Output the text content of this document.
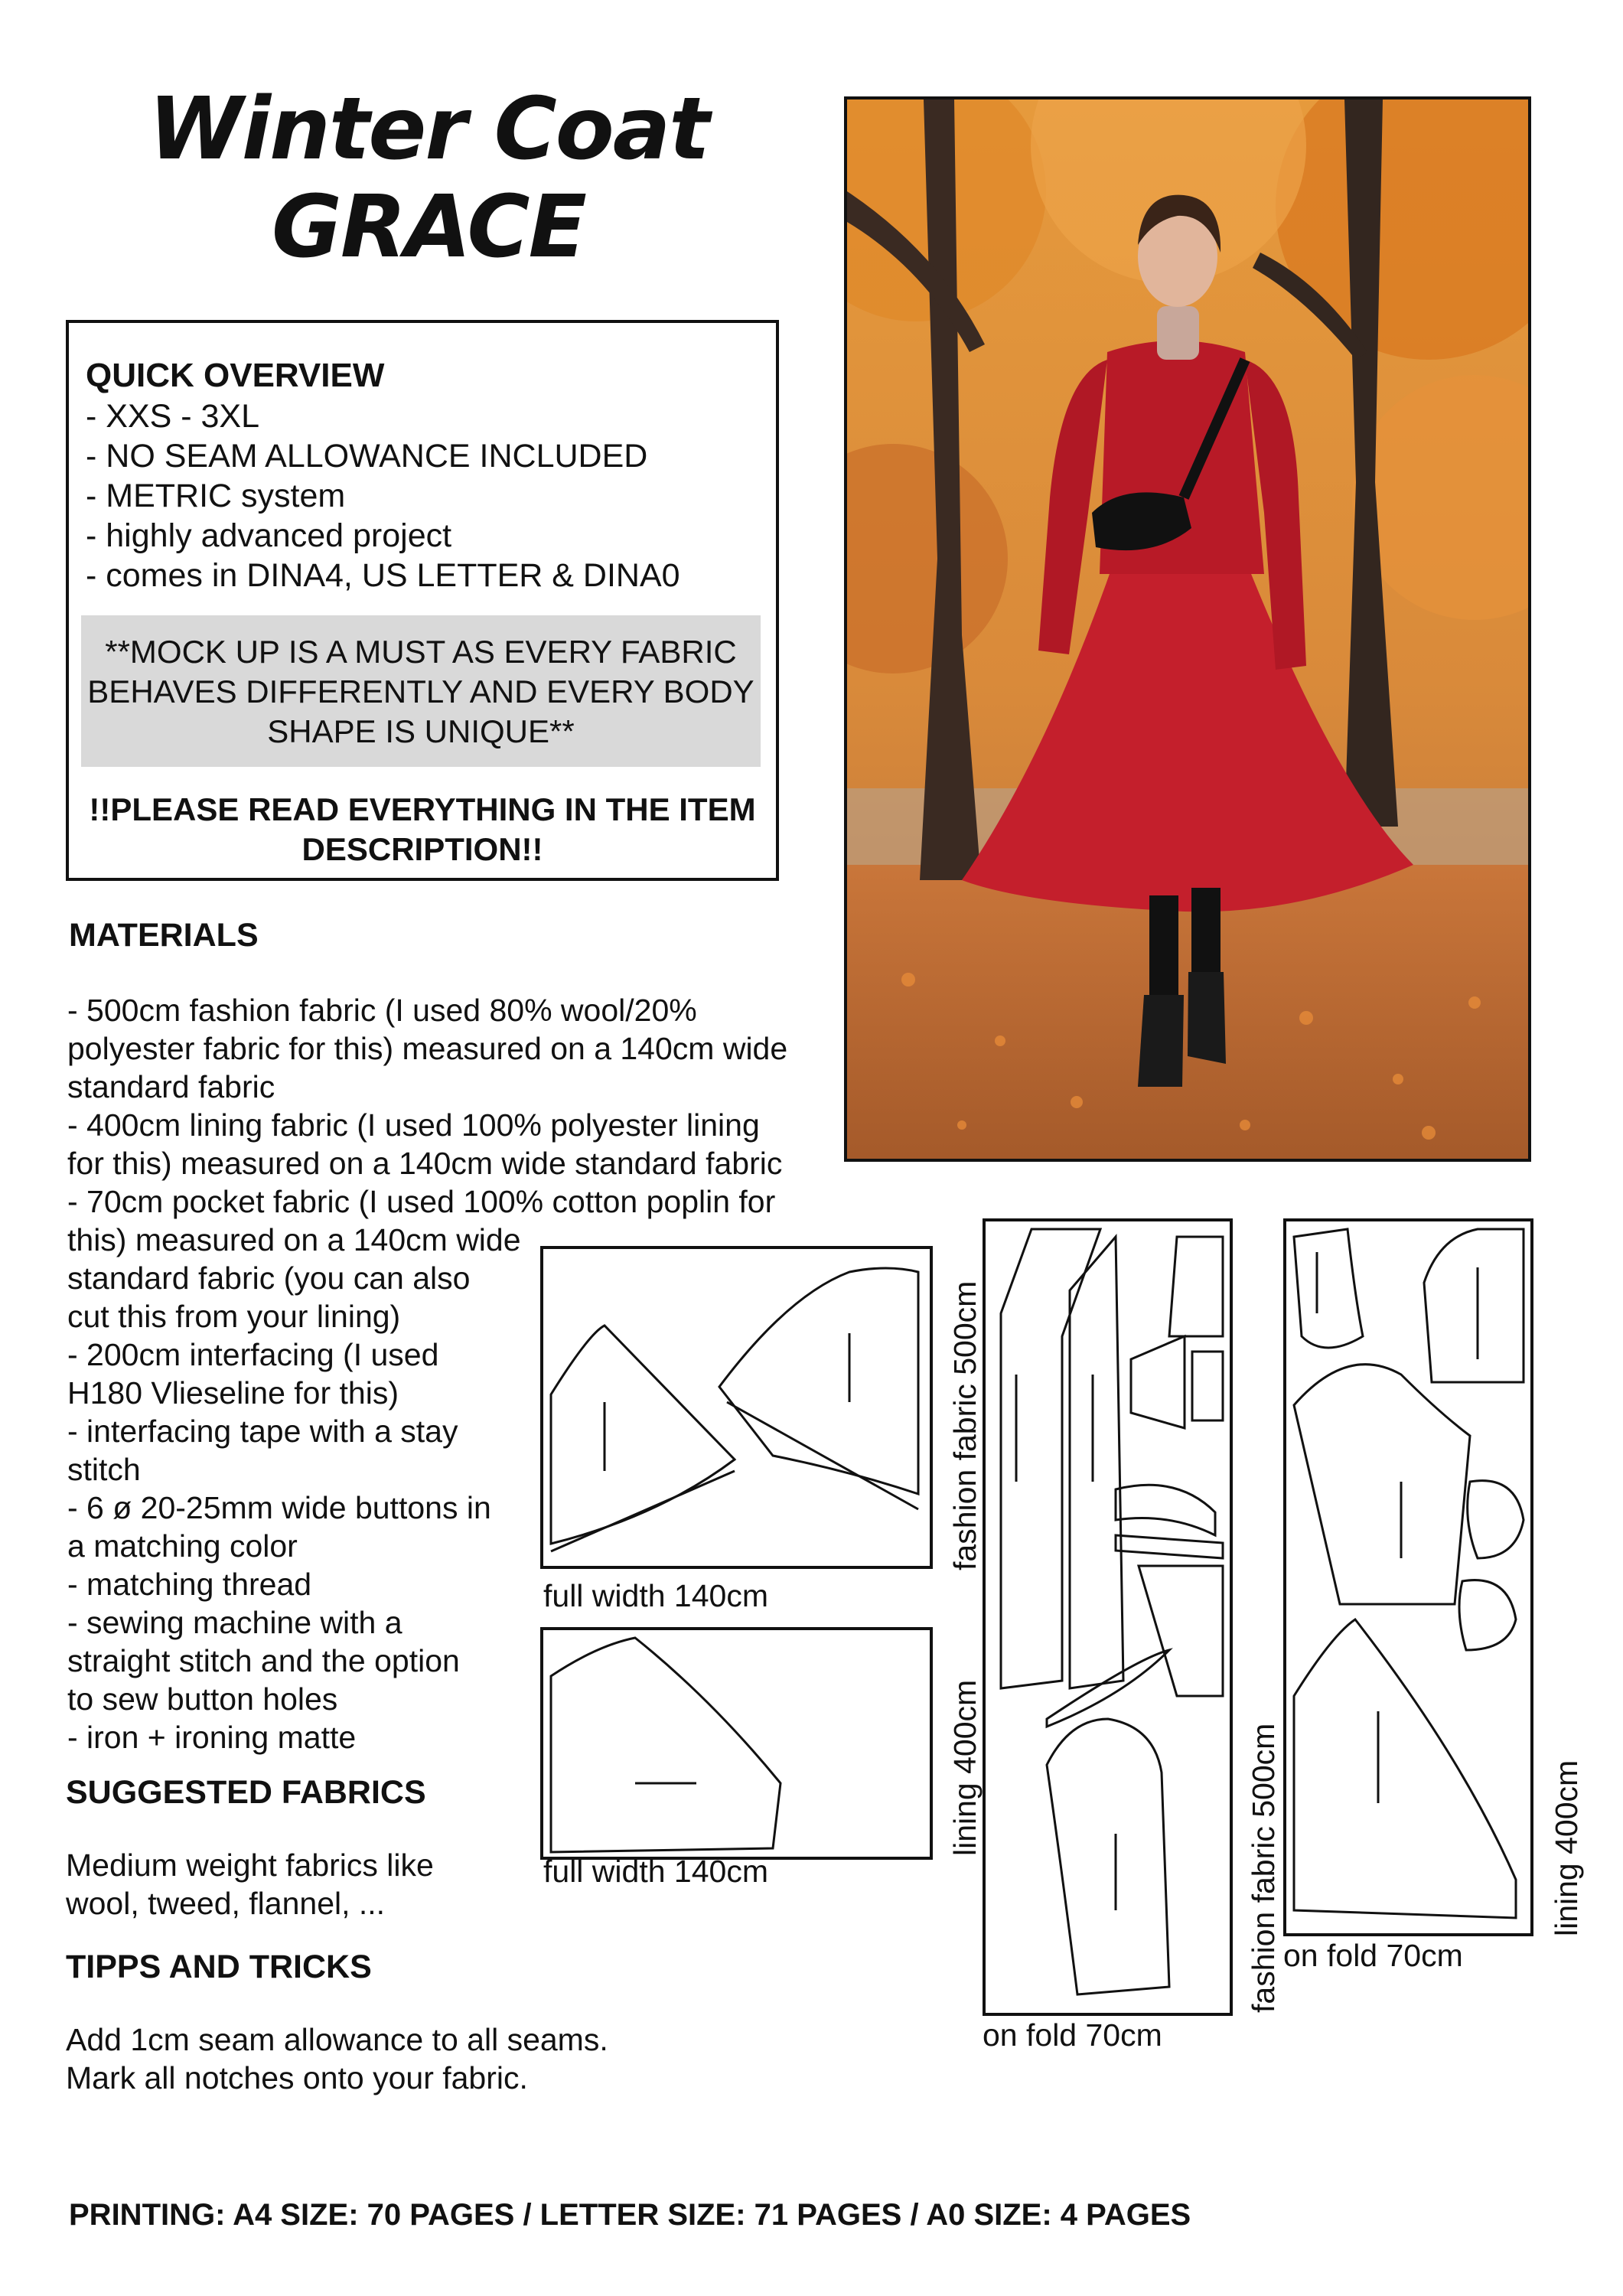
Winter Coat
GRACE
QUICK OVERVIEW
- XXS - 3XL
- NO SEAM ALLOWANCE INCLUDED
- METRIC system
- highly advanced project
- comes in DINA4, US LETTER & DINA0
**MOCK UP IS A MUST AS EVERY FABRIC BEHAVES DIFFERENTLY AND EVERY BODY SHAPE IS UNIQUE**
!!PLEASE READ EVERYTHING IN THE ITEM DESCRIPTION!!
MATERIALS
- 500cm fashion fabric (I used 80% wool/20%
polyester fabric for this) measured on a 140cm wide
standard fabric
- 400cm lining fabric (I used 100% polyester lining
for this) measured on a 140cm wide standard fabric
- 70cm pocket fabric (I used 100% cotton poplin for
this) measured on a 140cm wide
standard fabric (you can also
cut this from your lining)
- 200cm interfacing (I used
H180 Vlieseline for this)
- interfacing tape with a stay
stitch
- 6 ø 20-25mm wide buttons in
a matching color
- matching thread
- sewing machine with a
straight stitch and the option
to sew button holes
- iron + ironing matte
SUGGESTED FABRICS
Medium weight fabrics like
wool, tweed, flannel, ...
TIPPS AND TRICKS
Add 1cm seam allowance to all seams.
Mark all notches onto your fabric.
full width 140cm
full width 140cm
fashion fabric 500cm
lining 400cm
on fold 70cm
fashion fabric 500cm	lining 400cm
on fold 70cm
PRINTING: A4 SIZE: 70 PAGES / LETTER SIZE: 71 PAGES / A0 SIZE: 4 PAGES
